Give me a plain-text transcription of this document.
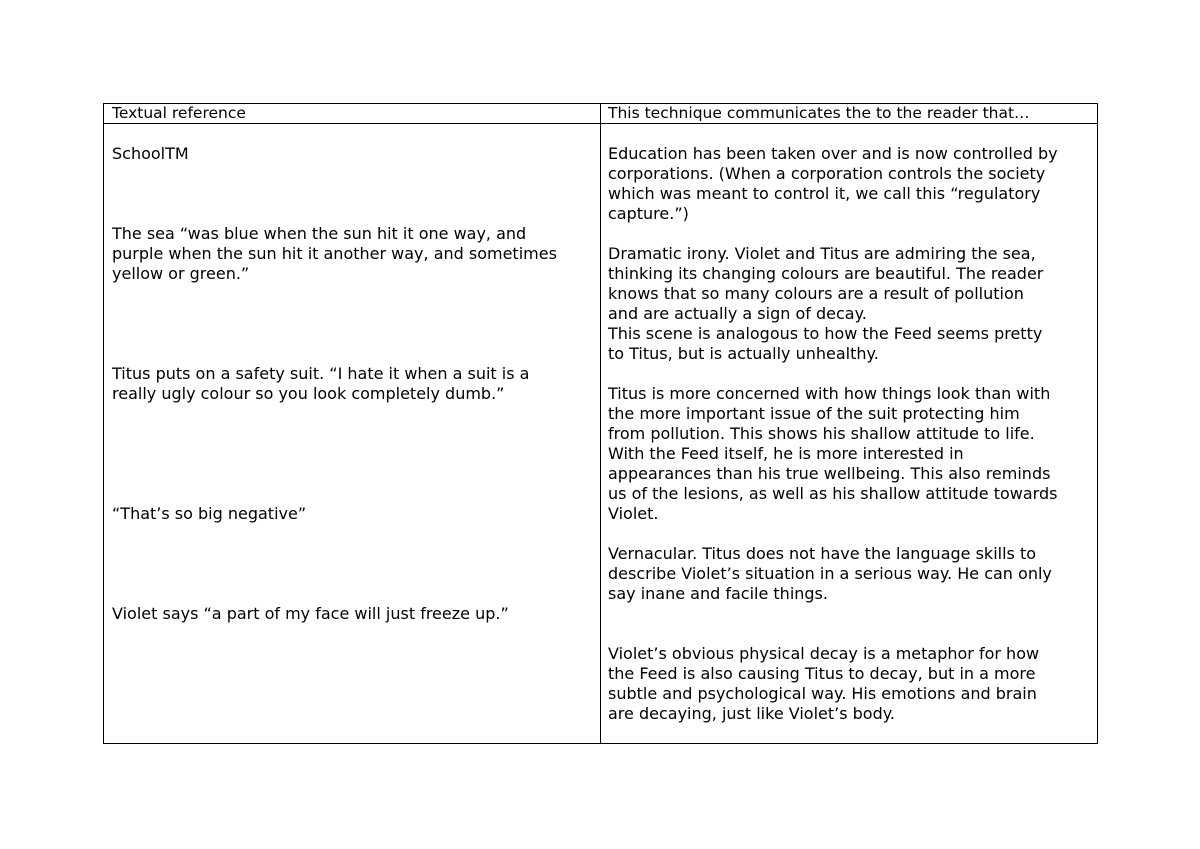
Textual reference	This technique communicates the to the reader that…
SchoolTM
The sea “was blue when the sun hit it one way, and
purple when the sun hit it another way, and sometimes
yellow or green.”
Titus puts on a safety suit. “I hate it when a suit is a
really ugly colour so you look completely dumb.”
“That’s so big negative”
Violet says “a part of my face will just freeze up.”
Education has been taken over and is now controlled by
corporations. (When a corporation controls the society
which was meant to control it, we call this “regulatory
capture.”)
Dramatic irony. Violet and Titus are admiring the sea,
thinking its changing colours are beautiful. The reader
knows that so many colours are a result of pollution
and are actually a sign of decay.
This scene is analogous to how the Feed seems pretty
to Titus, but is actually unhealthy.
Titus is more concerned with how things look than with
the more important issue of the suit protecting him
from pollution. This shows his shallow attitude to life.
With the Feed itself, he is more interested in
appearances than his true wellbeing. This also reminds
us of the lesions, as well as his shallow attitude towards
Violet.
Vernacular. Titus does not have the language skills to
describe Violet’s situation in a serious way. He can only
say inane and facile things.
Violet’s obvious physical decay is a metaphor for how
the Feed is also causing Titus to decay, but in a more
subtle and psychological way. His emotions and brain
are decaying, just like Violet’s body.
